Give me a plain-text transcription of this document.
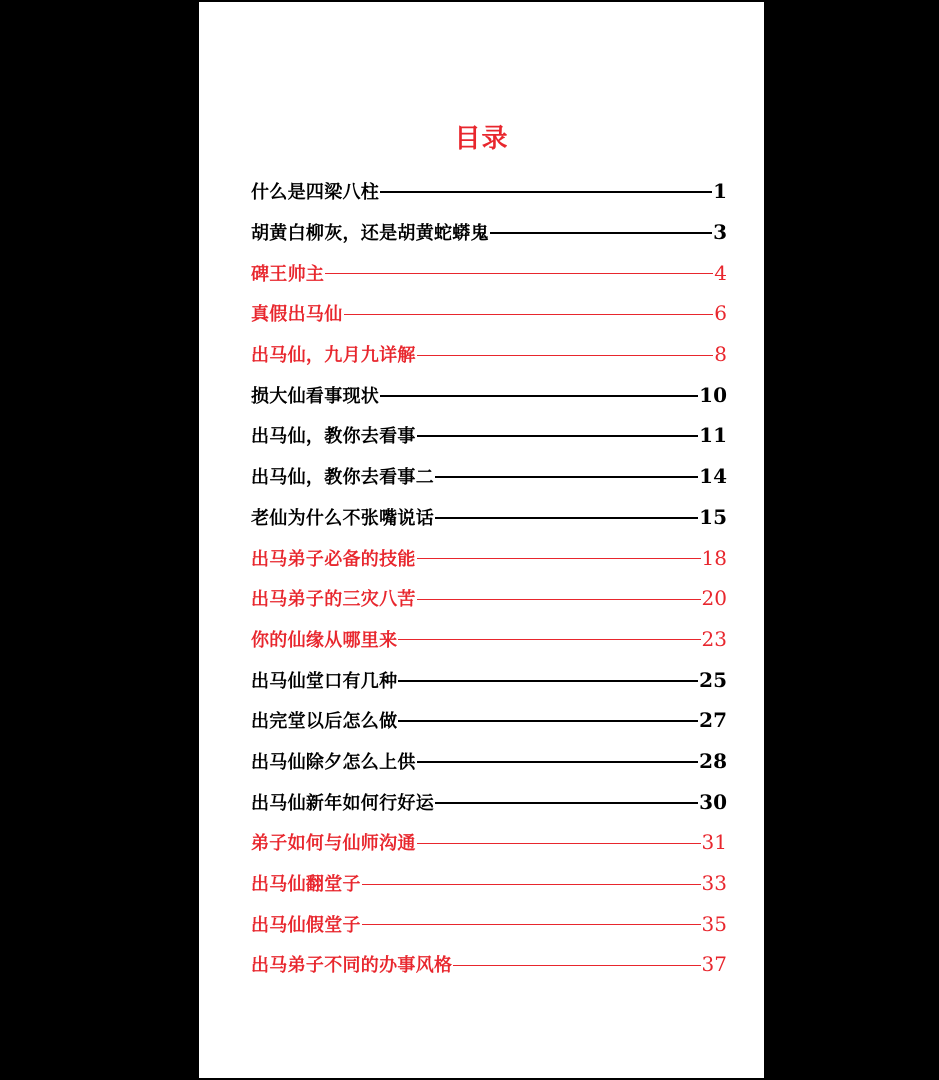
目录
什么是四梁八柱	1
胡黄白柳灰，还是胡黄蛇蟒鬼	3
碑王帅主	4
真假出马仙	6
出马仙，九月九详解	8
损大仙看事现状	10
出马仙，教你去看事	11
出马仙，教你去看事二	14
老仙为什么不张嘴说话	15
出马弟子必备的技能	18
出马弟子的三灾八苦	20
你的仙缘从哪里来	23
出马仙堂口有几种	25
出完堂以后怎么做	27
出马仙除夕怎么上供	28
出马仙新年如何行好运	30
弟子如何与仙师沟通	31
出马仙翻堂子	33
出马仙假堂子	35
出马弟子不同的办事风格	37
